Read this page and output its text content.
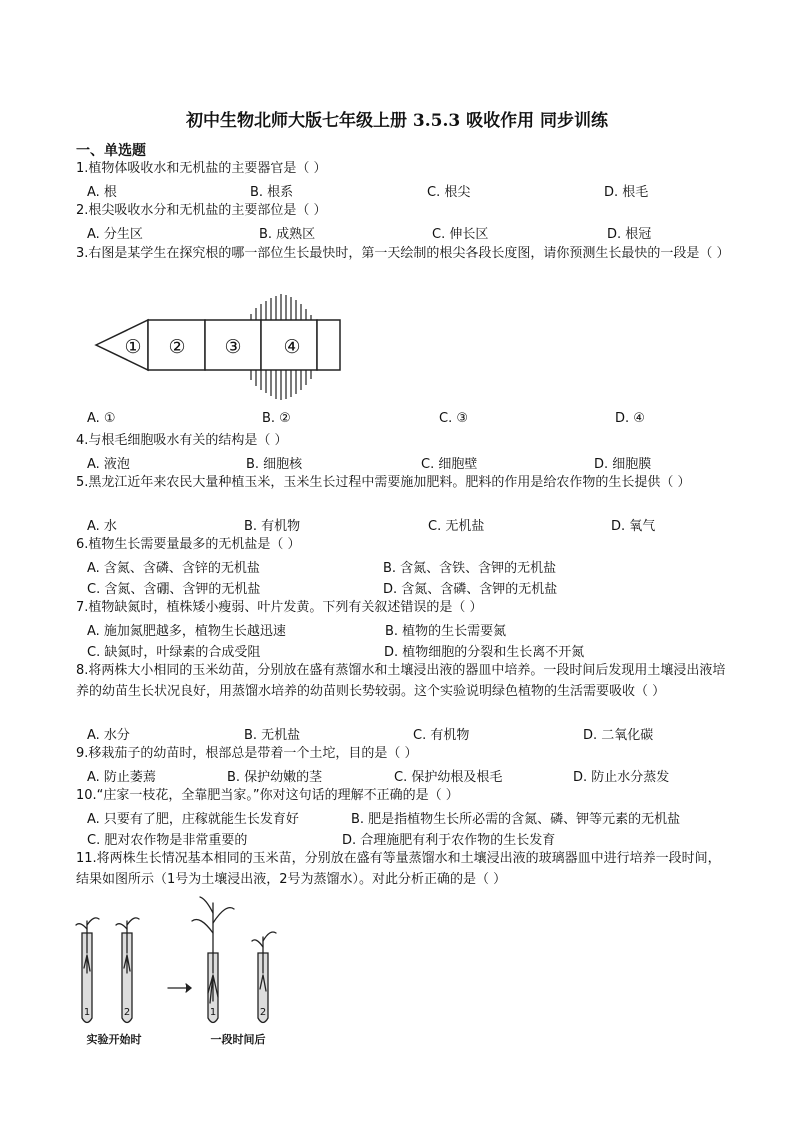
初中生物北师大版七年级上册 3.5.3 吸收作用 同步训练
一、单选题
1.植物体吸收水和无机盐的主要器官是（ ）
A. 根	B. 根系	C. 根尖	D. 根毛
2.根尖吸收水分和无机盐的主要部位是（ ）
A. 分生区	B. 成熟区	C. 伸长区	D. 根冠
3.右图是某学生在探究根的哪一部位生长最快时，第一天绘制的根尖各段长度图，请你预测生长最快的一段是（ ）
① ② ③ ④
A. ①	B. ②	C. ③	D. ④
4.与根毛细胞吸水有关的结构是（ ）
A. 液泡	B. 细胞核	C. 细胞壁	D. 细胞膜
5.黑龙江近年来农民大量种植玉米，玉米生长过程中需要施加肥料。肥料的作用是给农作物的生长提供（ ）
A. 水	B. 有机物	C. 无机盐	D. 氧气
6.植物生长需要量最多的无机盐是（ ）
A. 含氮、含磷、含锌的无机盐	B. 含氮、含铁、含钾的无机盐
C. 含氮、含硼、含钾的无机盐	D. 含氮、含磷、含钾的无机盐
7.植物缺氮时，植株矮小瘦弱、叶片发黄。下列有关叙述错误的是（ ）
A. 施加氮肥越多，植物生长越迅速	B. 植物的生长需要氮
C. 缺氮时，叶绿素的合成受阻	D. 植物细胞的分裂和生长离不开氮
8.将两株大小相同的玉米幼苗，分别放在盛有蒸馏水和土壤浸出液的器皿中培养。一段时间后发现用土壤浸出液培养的幼苗生长状况良好，用蒸馏水培养的幼苗则长势较弱。这个实验说明绿色植物的生活需要吸收（ ）
A. 水分	B. 无机盐	C. 有机物	D. 二氧化碳
9.移栽茄子的幼苗时，根部总是带着一个土坨，目的是（ ）
A. 防止萎蔫	B. 保护幼嫩的茎	C. 保护幼根及根毛	D. 防止水分蒸发
10.“庄家一枝花，全靠肥当家。”你对这句话的理解不正确的是（ ）
A. 只要有了肥，庄稼就能生长发育好	B. 肥是指植物生长所必需的含氮、磷、钾等元素的无机盐
C. 肥对农作物是非常重要的	D. 合理施肥有利于农作物的生长发育
11.将两株生长情况基本相同的玉米苗，分别放在盛有等量蒸馏水和土壤浸出液的玻璃器皿中进行培养一段时间，结果如图所示（1号为土壤浸出液，2号为蒸馏水）。对此分析正确的是（ ）
1	2	1	2
实验开始时	一段时间后
